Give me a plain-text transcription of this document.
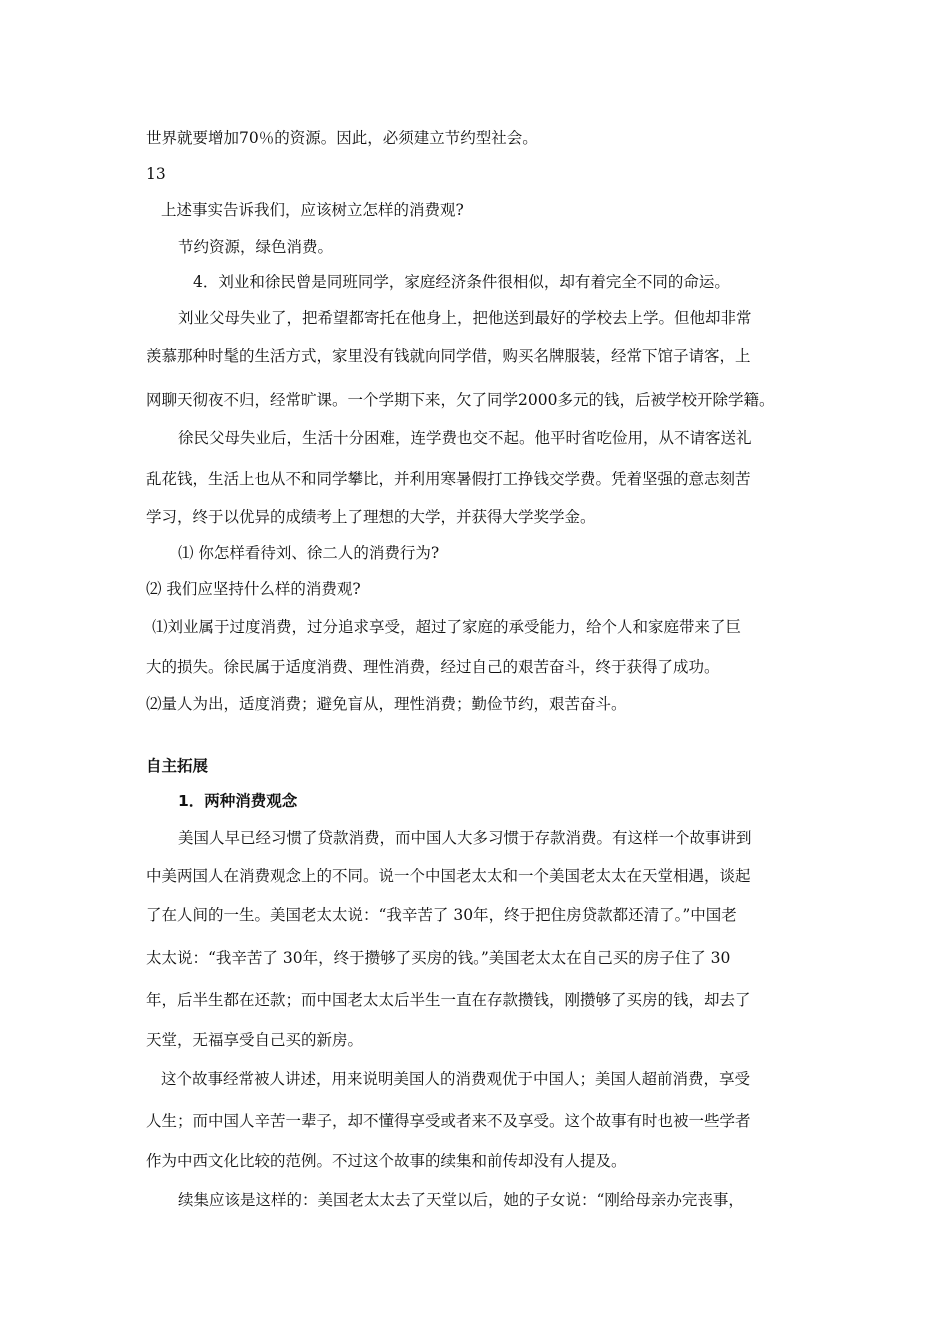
世界就要增加70％的资源。因此，必须建立节约型社会。
13
上述事实告诉我们，应该树立怎样的消费观?
节约资源，绿色消费。
4．刘业和徐民曾是同班同学，家庭经济条件很相似，却有着完全不同的命运。
刘业父母失业了，把希望都寄托在他身上，把他送到最好的学校去上学。但他却非常
羡慕那种时髦的生活方式，家里没有钱就向同学借，购买名牌服装，经常下馆子请客，上
网聊天彻夜不归，经常旷课。一个学期下来，欠了同学2000多元的钱，后被学校开除学籍。
徐民父母失业后，生活十分困难，连学费也交不起。他平时省吃俭用，从不请客送礼
乱花钱，生活上也从不和同学攀比，并利用寒暑假打工挣钱交学费。凭着坚强的意志刻苦
学习，终于以优异的成绩考上了理想的大学，并获得大学奖学金。
⑴ 你怎样看待刘、徐二人的消费行为?
⑵ 我们应坚持什么样的消费观?
⑴刘业属于过度消费，过分追求享受，超过了家庭的承受能力，给个人和家庭带来了巨
大的损失。徐民属于适度消费、理性消费，经过自己的艰苦奋斗，终于获得了成功。
⑵量人为出，适度消费；避免盲从，理性消费；勤俭节约，艰苦奋斗。
自主拓展
1．两种消费观念
美国人早已经习惯了贷款消费，而中国人大多习惯于存款消费。有这样一个故事讲到
中美两国人在消费观念上的不同。说一个中国老太太和一个美国老太太在天堂相遇，谈起
了在人间的一生。美国老太太说：“我辛苦了 30年，终于把住房贷款都还清了。”中国老
太太说：“我辛苦了 30年，终于攒够了买房的钱。”美国老太太在自己买的房子住了 30
年，后半生都在还款；而中国老太太后半生一直在存款攒钱，刚攒够了买房的钱，却去了
天堂，无福享受自己买的新房。
这个故事经常被人讲述，用来说明美国人的消费观优于中国人；美国人超前消费，享受
人生；而中国人辛苦一辈子，却不懂得享受或者来不及享受。这个故事有时也被一些学者
作为中西文化比较的范例。不过这个故事的续集和前传却没有人提及。
续集应该是这样的：美国老太太去了天堂以后，她的子女说：“刚给母亲办完丧事，
